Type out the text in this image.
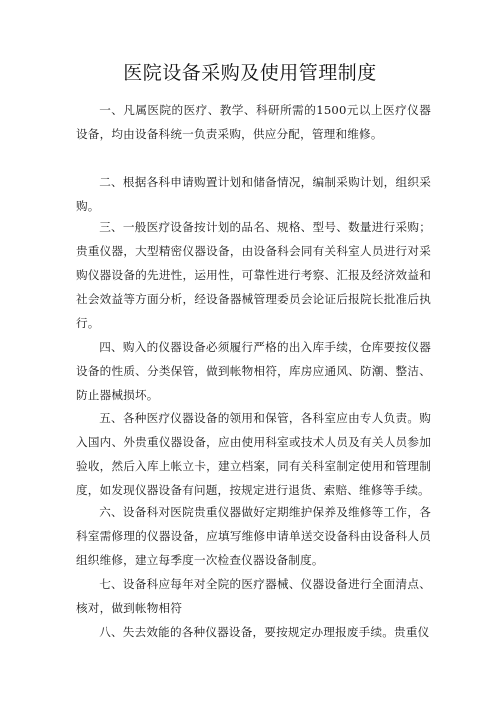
医院设备采购及使用管理制度
一、凡属医院的医疗、教学、科研所需的1500元以上医疗仪器设备，均由设备科统一负责采购，供应分配，管理和维修。
二、根据各科申请购置计划和储备情况，编制采购计划，组织采购。
三、一般医疗设备按计划的品名、规格、型号、数量进行采购；贵重仪器，大型精密仪器设备，由设备科会同有关科室人员进行对采购仪器设备的先进性，运用性，可靠性进行考察、汇报及经济效益和社会效益等方面分析，经设备器械管理委员会论证后报院长批准后执行。
四、购入的仪器设备必须履行严格的出入库手续，仓库要按仪器设备的性质、分类保管，做到帐物相符，库房应通风、防潮、整洁、防止器械损坏。
五、各种医疗仪器设备的领用和保管，各科室应由专人负责。购入国内、外贵重仪器设备，应由使用科室或技术人员及有关人员参加验收，然后入库上帐立卡，建立档案，同有关科室制定使用和管理制度，如发现仪器设备有问题，按规定进行退货、索赔、维修等手续。
六、设备科对医院贵重仪器做好定期维护保养及维修等工作，各科室需修理的仪器设备，应填写维修申请单送交设备科由设备科人员组织维修，建立每季度一次检查仪器设备制度。
七、设备科应每年对全院的医疗器械、仪器设备进行全面清点、核对，做到帐物相符
八、失去效能的各种仪器设备，要按规定办理报废手续。贵重仪
